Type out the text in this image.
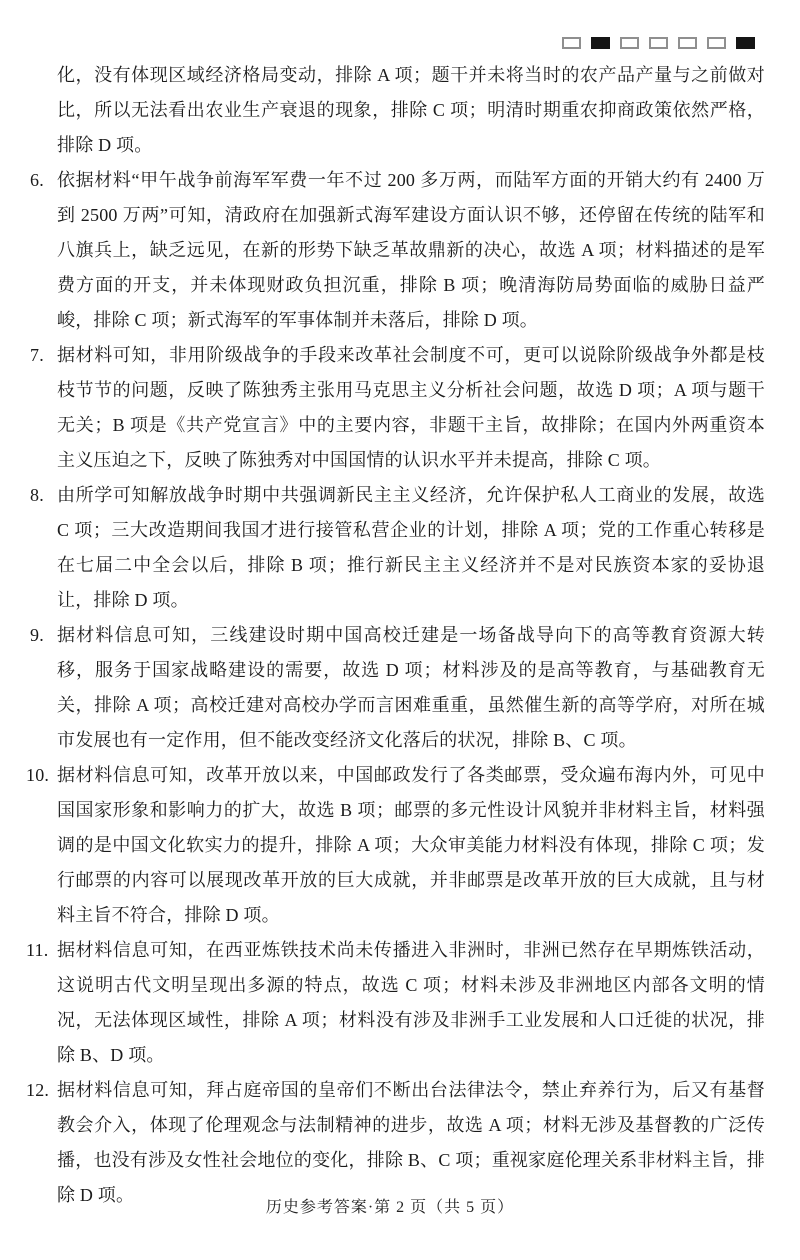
化，没有体现区域经济格局变动，排除 A 项；题干并未将当时的农产品产量与之前做对比，所以无法看出农业生产衰退的现象，排除 C 项；明清时期重农抑商政策依然严格，排除 D 项。
6. 依据材料“甲午战争前海军军费一年不过 200 多万两，而陆军方面的开销大约有 2400 万到 2500 万两”可知，清政府在加强新式海军建设方面认识不够，还停留在传统的陆军和八旗兵上，缺乏远见，在新的形势下缺乏革故鼎新的决心，故选 A 项；材料描述的是军费方面的开支，并未体现财政负担沉重，排除 B 项；晚清海防局势面临的威胁日益严峻，排除 C 项；新式海军的军事体制并未落后，排除 D 项。
7. 据材料可知，非用阶级战争的手段来改革社会制度不可，更可以说除阶级战争外都是枝枝节节的问题，反映了陈独秀主张用马克思主义分析社会问题，故选 D 项；A 项与题干无关；B 项是《共产党宣言》中的主要内容，非题干主旨，故排除；在国内外两重资本主义压迫之下，反映了陈独秀对中国国情的认识水平并未提高，排除 C 项。
8. 由所学可知解放战争时期中共强调新民主主义经济，允许保护私人工商业的发展，故选 C 项；三大改造期间我国才进行接管私营企业的计划，排除 A 项；党的工作重心转移是在七届二中全会以后，排除 B 项；推行新民主主义经济并不是对民族资本家的妥协退让，排除 D 项。
9. 据材料信息可知，三线建设时期中国高校迁建是一场备战导向下的高等教育资源大转移，服务于国家战略建设的需要，故选 D 项；材料涉及的是高等教育，与基础教育无关，排除 A 项；高校迁建对高校办学而言困难重重，虽然催生新的高等学府，对所在城市发展也有一定作用，但不能改变经济文化落后的状况，排除 B、C 项。
10. 据材料信息可知，改革开放以来，中国邮政发行了各类邮票，受众遍布海内外，可见中国国家形象和影响力的扩大，故选 B 项；邮票的多元性设计风貌并非材料主旨，材料强调的是中国文化软实力的提升，排除 A 项；大众审美能力材料没有体现，排除 C 项；发行邮票的内容可以展现改革开放的巨大成就，并非邮票是改革开放的巨大成就，且与材料主旨不符合，排除 D 项。
11. 据材料信息可知，在西亚炼铁技术尚未传播进入非洲时，非洲已然存在早期炼铁活动，这说明古代文明呈现出多源的特点，故选 C 项；材料未涉及非洲地区内部各文明的情况，无法体现区域性，排除 A 项；材料没有涉及非洲手工业发展和人口迁徙的状况，排除 B、D 项。
12. 据材料信息可知，拜占庭帝国的皇帝们不断出台法律法令，禁止弃养行为，后又有基督教会介入，体现了伦理观念与法制精神的进步，故选 A 项；材料无涉及基督教的广泛传播，也没有涉及女性社会地位的变化，排除 B、C 项；重视家庭伦理关系非材料主旨，排除 D 项。
历史参考答案·第 2 页（共 5 页）
